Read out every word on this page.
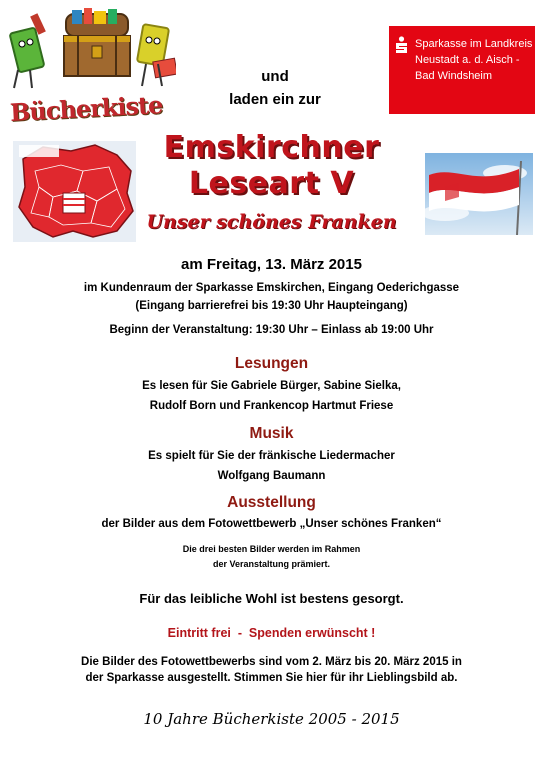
Bücherkiste
Sparkasse im Landkreis
Neustadt a. d. Aisch -
Bad Windsheim
und
laden ein zur
Emskirchner
Leseart V
Unser schönes Franken
am Freitag, 13. März 2015
im Kundenraum der Sparkasse Emskirchen, Eingang Oederichgasse
(Eingang barrierefrei bis 19:30 Uhr Haupteingang)
Beginn der Veranstaltung: 19:30 Uhr – Einlass ab 19:00 Uhr
Lesungen
Es lesen für Sie Gabriele Bürger, Sabine Sielka,
Rudolf Born und Frankencop Hartmut Friese
Musik
Es spielt für Sie der fränkische Liedermacher
Wolfgang Baumann
Ausstellung
der Bilder aus dem Fotowettbewerb „Unser schönes Franken“
Die drei besten Bilder werden im Rahmen
der Veranstaltung prämiert.
Für das leibliche Wohl ist bestens gesorgt.
Eintritt frei  -  Spenden erwünscht !
Die Bilder des Fotowettbewerbs sind vom 2. März bis 20. März 2015 in
der Sparkasse ausgestellt. Stimmen Sie hier für ihr Lieblingsbild ab.
10 Jahre Bücherkiste 2005 - 2015
